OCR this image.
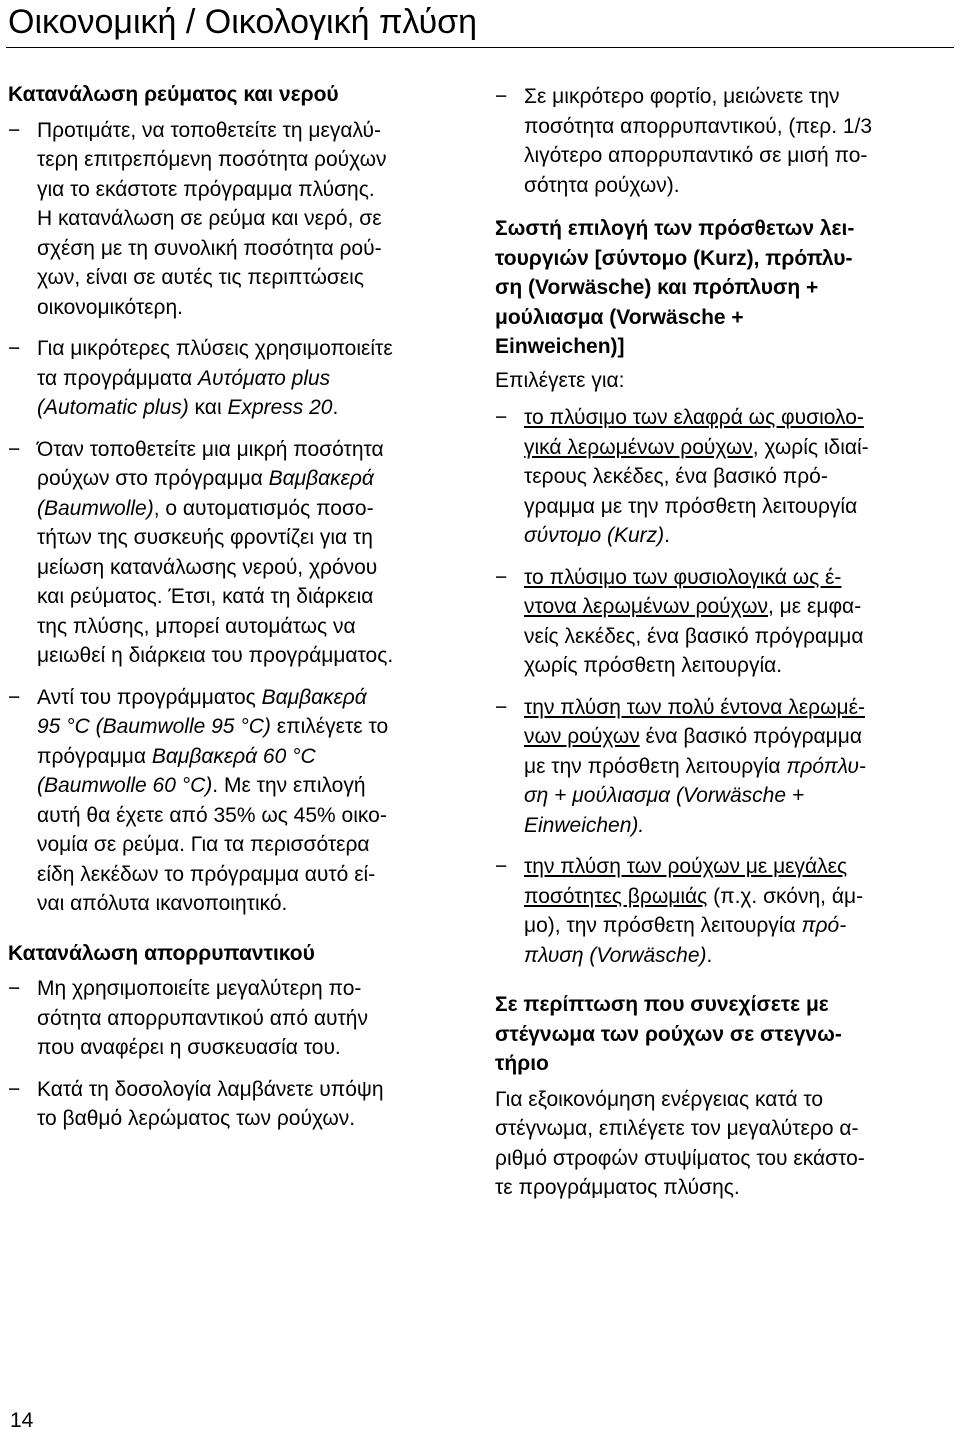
Οικονομική / Οικολογική πλύση
Κατανάλωση ρεύματος και νερού
− Προτιμάτε, να τοποθετείτε τη μεγαλύ-
τερη επιτρεπόμενη ποσότητα ρούχων
για το εκάστοτε πρόγραμμα πλύσης.
Η κατανάλωση σε ρεύμα και νερό, σε
σχέση με τη συνολική ποσότητα ρού-
χων, είναι σε αυτές τις περιπτώσεις
οικονομικότερη.
− Για μικρότερες πλύσεις χρησιμοποιείτε
τα προγράμματα Αυτόματο plus
(Automatic plus) και Express 20.
− Όταν τοποθετείτε μια μικρή ποσότητα
ρούχων στο πρόγραμμα Βαμβακερά
(Baumwolle), ο αυτοματισμός ποσο-
τήτων της συσκευής φροντίζει για τη
μείωση κατανάλωσης νερού, χρόνου
και ρεύματος. Έτσι, κατά τη διάρκεια
της πλύσης, μπορεί αυτομάτως να
μειωθεί η διάρκεια του προγράμματος.
− Αντί του προγράμματος Βαμβακερά
95 °C (Baumwolle 95 °C) επιλέγετε το
πρόγραμμα Βαμβακερά 60 °C
(Baumwolle 60 °C). Με την επιλογή
αυτή θα έχετε από 35% ως 45% οικο-
νομία σε ρεύμα. Για τα περισσότερα
είδη λεκέδων το πρόγραμμα αυτό εί-
ναι απόλυτα ικανοποιητικό.
Κατανάλωση απορρυπαντικού
− Μη χρησιμοποιείτε μεγαλύτερη πο-
σότητα απορρυπαντικού από αυτήν
που αναφέρει η συσκευασία του.
− Κατά τη δοσολογία λαμβάνετε υπόψη
το βαθμό λερώματος των ρούχων.
− Σε μικρότερο φορτίο, μειώνετε την
ποσότητα απορρυπαντικού, (περ. 1/3
λιγότερο απορρυπαντικό σε μισή πο-
σότητα ρούχων).
Σωστή επιλογή των πρόσθετων λει-
τουργιών [σύντομο (Kurz), πρόπλυ-
ση (Vorwäsche) και πρόπλυση +
μούλιασμα (Vorwäsche +
Einweichen)]

Επιλέγετε για:

− το πλύσιμο των ελαφρά ως φυσιολο-
γικά λερωμένων ρούχων, χωρίς ιδιαί-
τερους λεκέδες, ένα βασικό πρό-
γραμμα με την πρόσθετη λειτουργία
σύντομο (Kurz).
− το πλύσιμο των φυσιολογικά ως έ-
ντονα λερωμένων ρούχων, με εμφα-
νείς λεκέδες, ένα βασικό πρόγραμμα
χωρίς πρόσθετη λειτουργία.
− την πλύση των πολύ έντονα λερωμέ-
νων ρούχων ένα βασικό πρόγραμμα
με την πρόσθετη λειτουργία πρόπλυ-
ση + μούλιασμα (Vorwäsche +
Einweichen).
− την πλύση των ρούχων με μεγάλες
ποσότητες βρωμιάς (π.χ. σκόνη, άμ-
μο), την πρόσθετη λειτουργία πρό-
πλυση (Vorwäsche).
Σε περίπτωση που συνεχίσετε με
στέγνωμα των ρούχων σε στεγνω-
τήριο

Για εξοικονόμηση ενέργειας κατά το
στέγνωμα, επιλέγετε τον μεγαλύτερο α-
ριθμό στροφών στυψίματος του εκάστο-
τε προγράμματος πλύσης.

14
